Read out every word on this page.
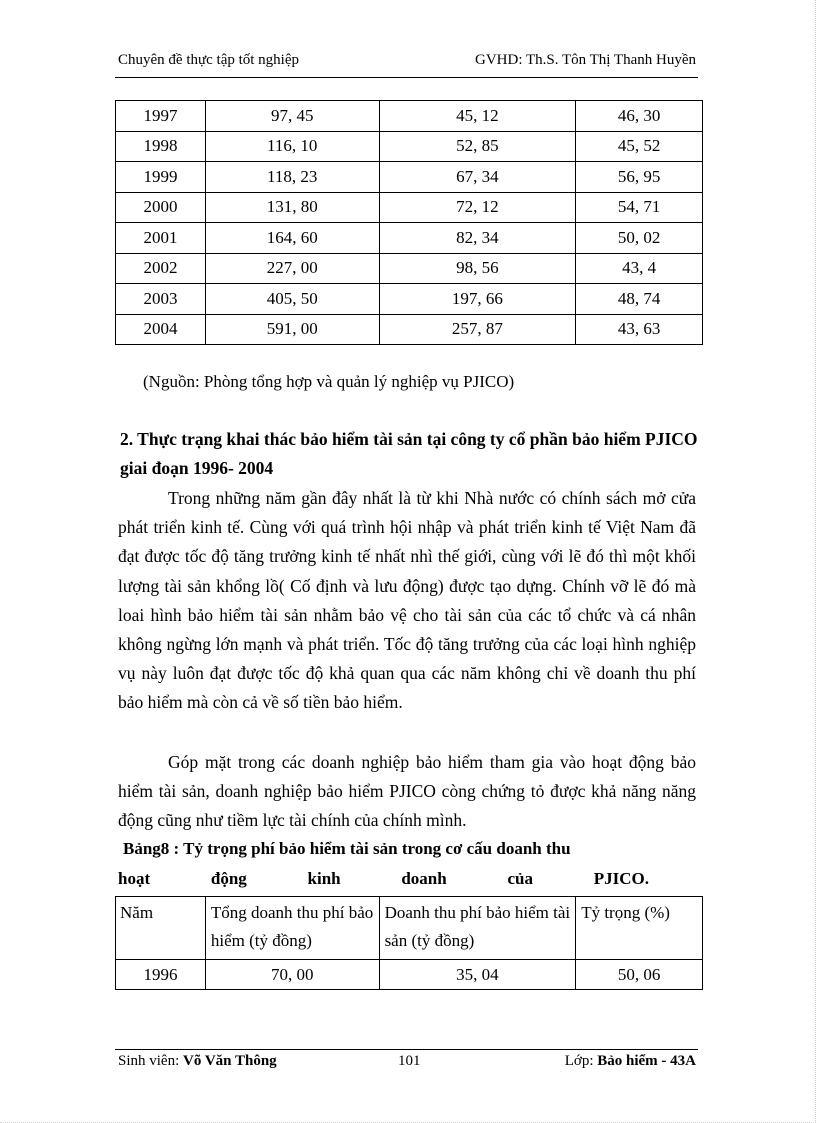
Chuyên đề thực tập tốt nghiệp	GVHD: Th.S. Tôn Thị Thanh Huyền
1997	97, 45	45, 12	46, 30
1998	116, 10	52, 85	45, 52
1999	118, 23	67, 34	56, 95
2000	131, 80	72, 12	54, 71
2001	164, 60	82, 34	50, 02
2002	227, 00	98, 56	43, 4
2003	405, 50	197, 66	48, 74
2004	591, 00	257, 87	43, 63
(Nguồn: Phòng tổng hợp và quản lý nghiệp vụ PJICO)
2. Thực trạng khai thác bảo hiểm tài sản tại công ty cổ phần bảo hiểm PJICO giai đoạn 1996- 2004
Trong những năm gần đây nhất là từ khi Nhà nước có chính sách mở cửa phát triển kinh tế. Cùng với quá trình hội nhập và phát triển kinh tế Việt Nam đã đạt được tốc độ tăng trưởng kinh tế nhất nhì thế giới, cùng với lẽ đó thì một khối lượng tài sản khổng lồ( Cố định và lưu động) được tạo dựng. Chính vỡ lẽ đó mà loai hình bảo hiểm tài sản nhằm bảo vệ cho tài sản của các tổ chức và cá nhân không ngừng lớn mạnh và phát triển. Tốc độ tăng trưởng của các loại hình nghiệp vụ này luôn đạt được tốc độ khả quan qua các năm không chỉ về doanh thu phí bảo hiểm mà còn cả về số tiền bảo hiểm.
Góp mặt trong các doanh nghiệp bảo hiểm tham gia vào hoạt động bảo hiểm tài sản, doanh nghiệp bảo hiểm PJICO còng chứng tỏ được khả năng năng động cũng như tiềm lực tài chính của chính mình.
Bảng8 : Tỷ trọng phí bảo hiểm tài sản trong cơ cấu doanh thu
hoạt	động	kinh	doanh	của	PJICO.
Năm	Tổng doanh thu phí bảo hiểm (tỷ đồng)	Doanh thu phí bảo hiểm tài sản (tỷ đồng)	Tỷ trọng (%)
1996	70, 00	35, 04	50, 06
Sinh viên: Võ Văn Thông	101	Lớp: Bảo hiểm - 43A
